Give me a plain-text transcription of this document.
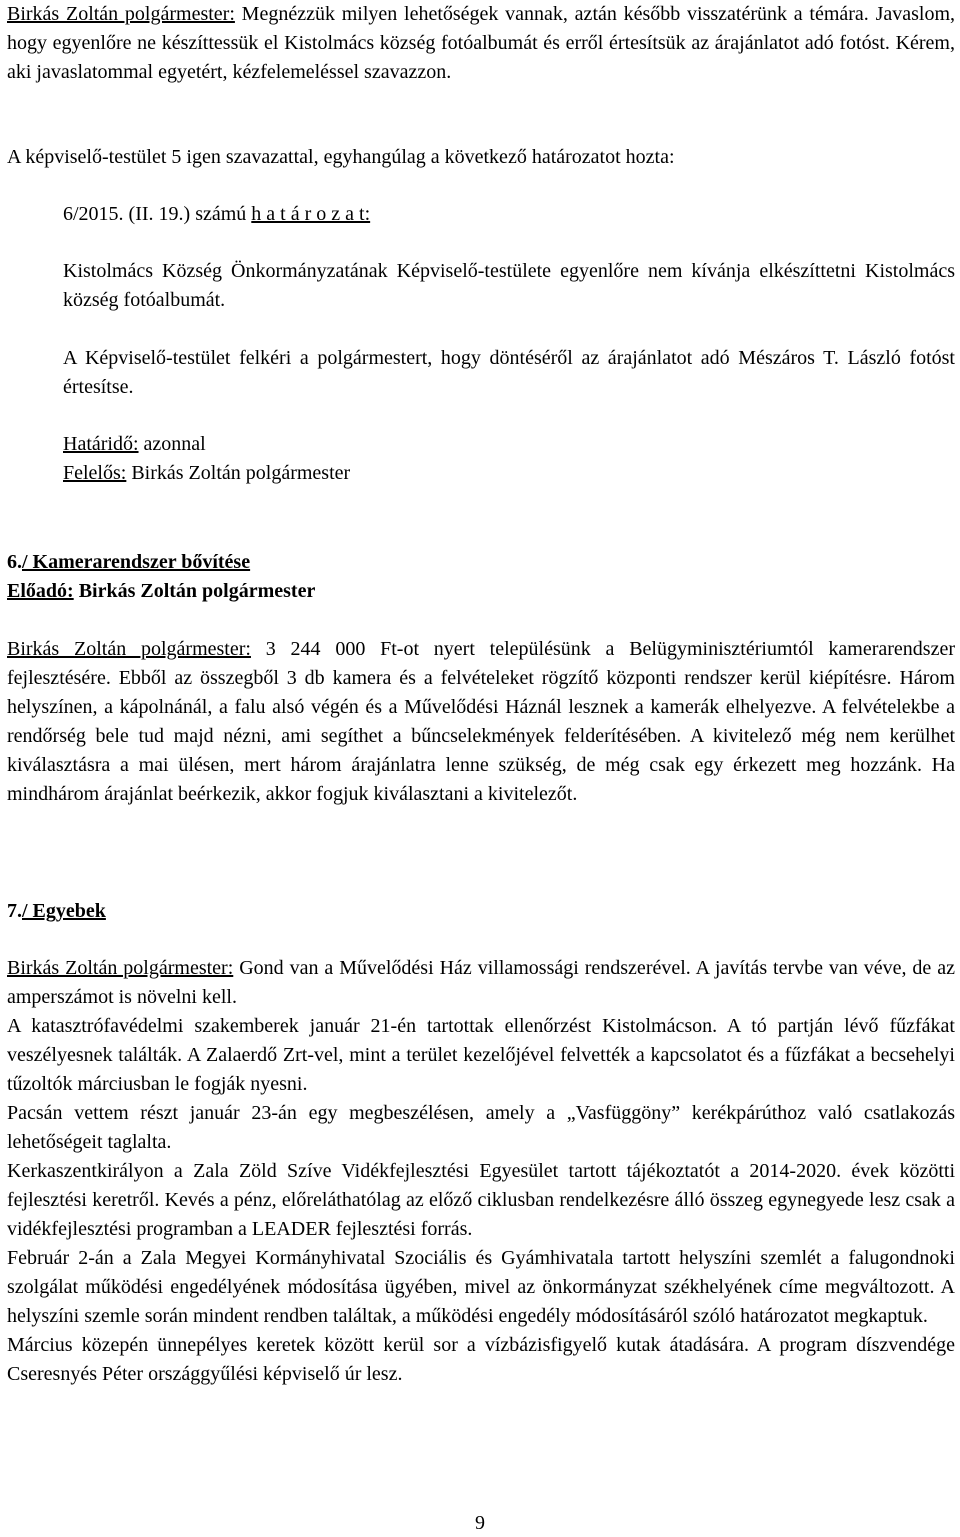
Birkás Zoltán polgármester: Megnézzük milyen lehetőségek vannak, aztán később visszatérünk a témára. Javaslom, hogy egyenlőre ne készíttessük el Kistolmács község fotóalbumát és erről értesítsük az árajánlatot adó fotóst. Kérem, aki javaslatommal egyetért, kézfelemeléssel szavazzon.

A képviselő-testület 5 igen szavazattal, egyhangúlag a következő határozatot hozta:

6/2015. (II. 19.) számú h a t á r o z a t:

Kistolmács Község Önkormányzatának Képviselő-testülete egyenlőre nem kívánja elkészíttetni Kistolmács község fotóalbumát.

A Képviselő-testület felkéri a polgármestert, hogy döntéséről az árajánlatot adó Mészáros T. László fotóst értesítse.

Határidő: azonnal

Felelős: Birkás Zoltán polgármester

6./ Kamerarendszer bővítése

Előadó: Birkás Zoltán polgármester

Birkás Zoltán polgármester: 3 244 000 Ft-ot nyert településünk a Belügyminisztériumtól kamerarendszer fejlesztésére. Ebből az összegből 3 db kamera és a felvételeket rögzítő központi rendszer kerül kiépítésre. Három helyszínen, a kápolnánál, a falu alsó végén és a Művelődési Háznál lesznek a kamerák elhelyezve. A felvételekbe a rendőrség bele tud majd nézni, ami segíthet a bűncselekmények felderítésében. A kivitelező még nem kerülhet kiválasztásra a mai ülésen, mert három árajánlatra lenne szükség, de még csak egy érkezett meg hozzánk. Ha mindhárom árajánlat beérkezik, akkor fogjuk kiválasztani a kivitelezőt.

7./ Egyebek

Birkás Zoltán polgármester: Gond van a Művelődési Ház villamossági rendszerével. A javítás tervbe van véve, de az amperszámot is növelni kell.

A katasztrófavédelmi szakemberek január 21-én tartottak ellenőrzést Kistolmácson. A tó partján lévő fűzfákat veszélyesnek találták. A Zalaerdő Zrt-vel, mint a terület kezelőjével felvették a kapcsolatot és a fűzfákat a becsehelyi tűzoltók márciusban le fogják nyesni.

Pacsán vettem részt január 23-án egy megbeszélésen, amely a „Vasfüggöny” kerékpárúthoz való csatlakozás lehetőségeit taglalta.

Kerkaszentkirályon a Zala Zöld Szíve Vidékfejlesztési Egyesület tartott tájékoztatót a 2014-2020. évek közötti fejlesztési keretről. Kevés a pénz, előreláthatólag az előző ciklusban rendelkezésre álló összeg egynegyede lesz csak a vidékfejlesztési programban a LEADER fejlesztési forrás.

Február 2-án a Zala Megyei Kormányhivatal Szociális és Gyámhivatala tartott helyszíni szemlét a falugondnoki szolgálat működési engedélyének módosítása ügyében, mivel az önkormányzat székhelyének címe megváltozott. A helyszíni szemle során mindent rendben találtak, a működési engedély módosításáról szóló határozatot megkaptuk.

Március közepén ünnepélyes keretek között kerül sor a vízbázisfigyelő kutak átadására. A program díszvendége Cseresnyés Péter országgyűlési képviselő úr lesz.

9
